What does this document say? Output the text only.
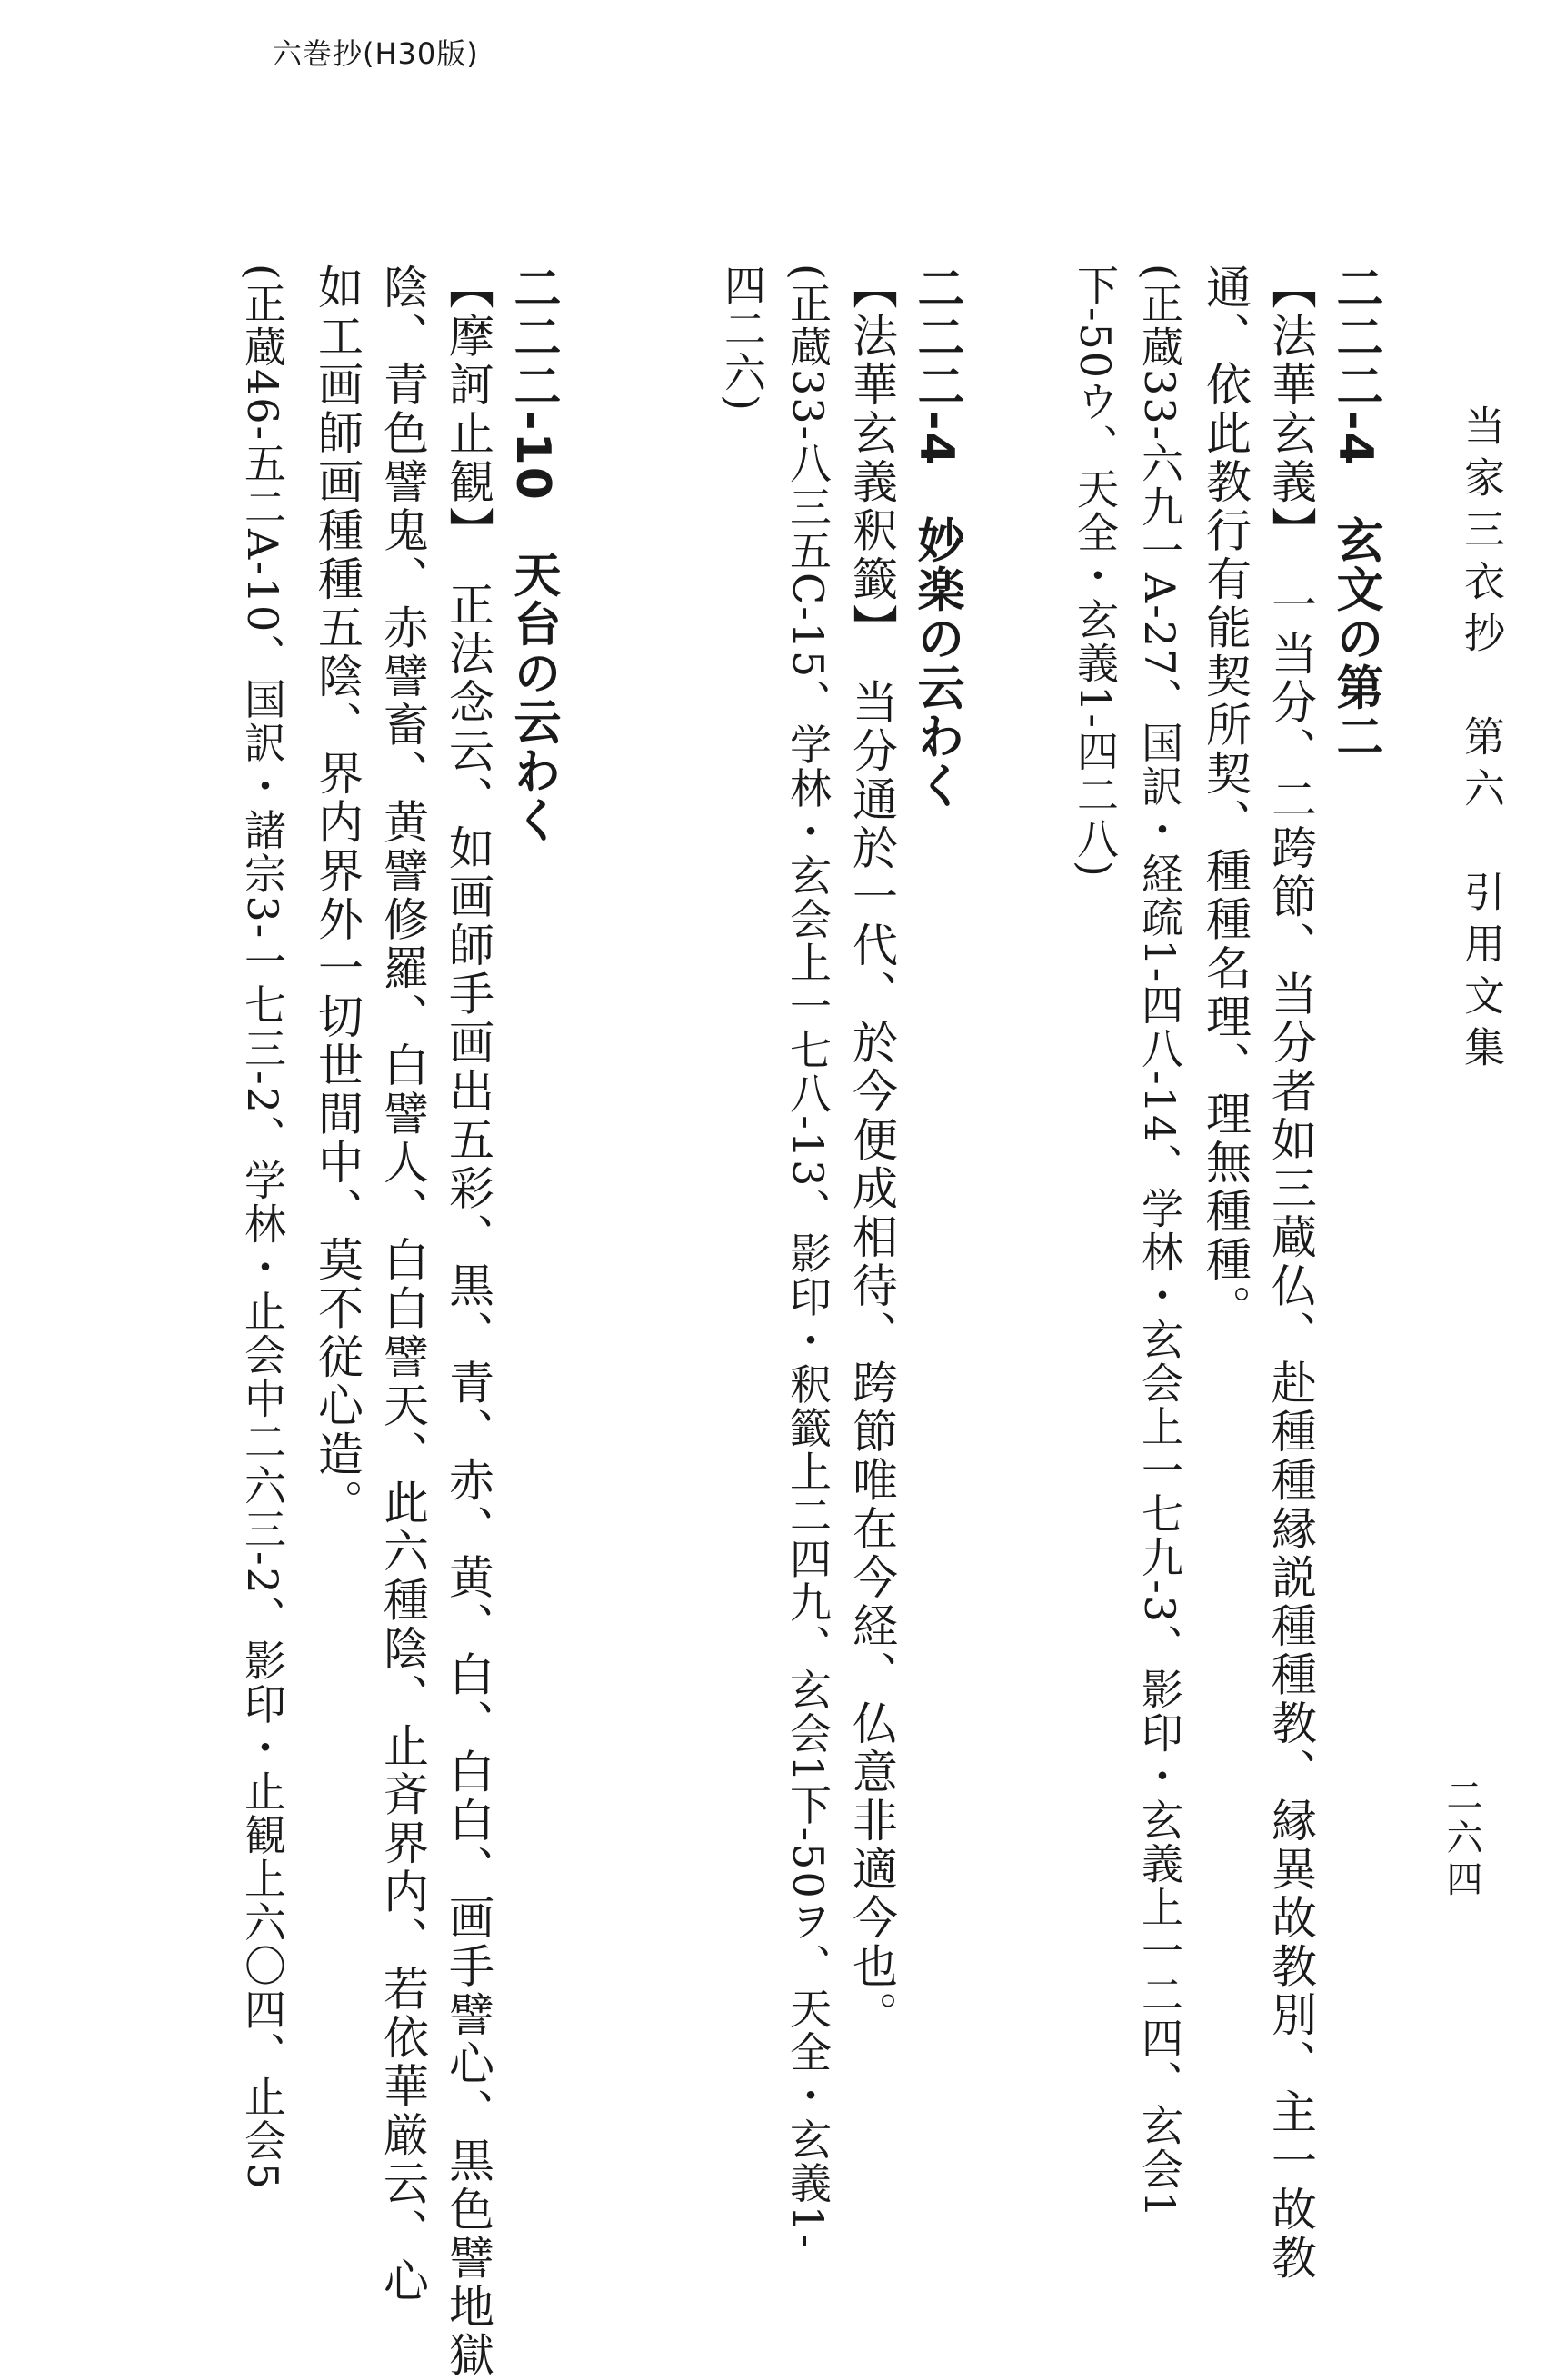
六巻抄(H30版)
当家三衣抄　第六　引用文集
二六四
二二二-4　玄文の第二
【法華玄義】　一当分、二跨節、当分者如三蔵仏、赴種種縁説種種教、縁異故教別、主一故教
通、依此教行有能契所契、種種名理、理無種種。
(正蔵33-六九一A-27、国訳・経疏1-四八-14、学林・玄会上一七九-3、影印・玄義上一二四、玄会1
下-50ウ、天全・玄義1-四二八)
二二二-4　妙楽の云わく
【法華玄義釈籤】　当分通於一代、於今便成相待、跨節唯在今経、仏意非適今也。
(正蔵33-八三五C-15、学林・玄会上一七八-13、影印・釈籤上二四九、玄会1下-50ヲ、天全・玄義1-
四二六)
二二二-10　天台の云わく
【摩訶止観】　正法念云、如画師手画出五彩、黒、青、赤、黄、白、白白、画手譬心、黒色譬地獄
陰、青色譬鬼、赤譬畜、黄譬修羅、白譬人、白白譬天、此六種陰、止斉界内、若依華厳云、心
如工画師画種種五陰、界内界外一切世間中、莫不従心造。
(正蔵46-五二A-10、国訳・諸宗3-一七三-2、学林・止会中二六三-2、影印・止観上六〇四、止会5
